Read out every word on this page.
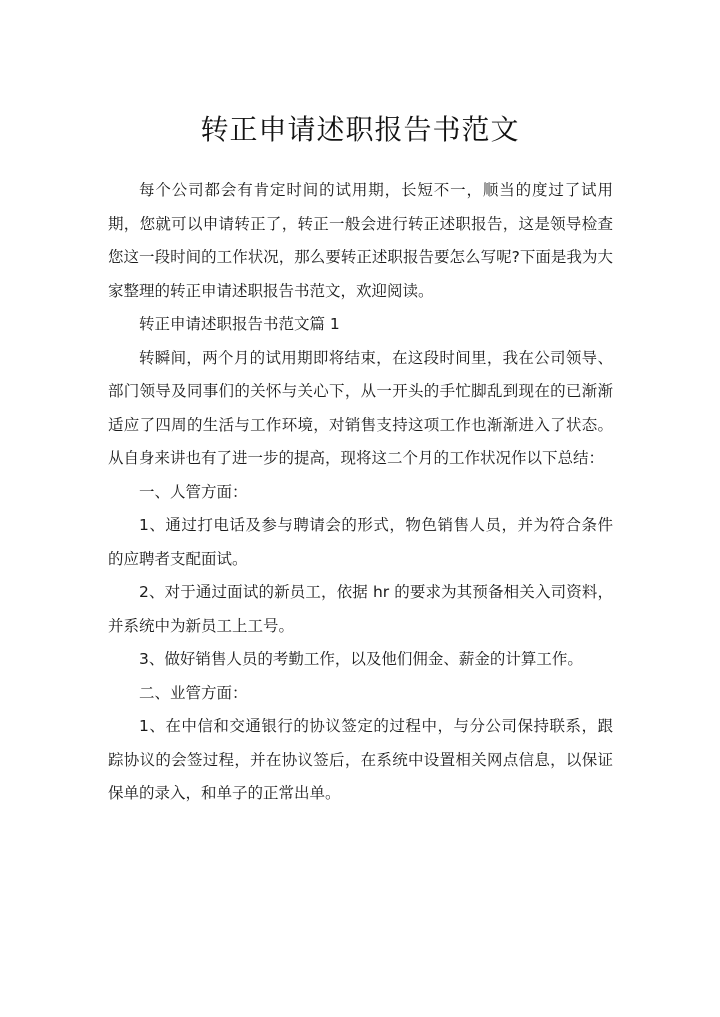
转正申请述职报告书范文

每个公司都会有肯定时间的试用期，长短不一，顺当的度过了试用期，您就可以申请转正了，转正一般会进行转正述职报告，这是领导检查您这一段时间的工作状况，那么要转正述职报告要怎么写呢?下面是我为大家整理的转正申请述职报告书范文，欢迎阅读。

转正申请述职报告书范文篇 1

转瞬间，两个月的试用期即将结束，在这段时间里，我在公司领导、部门领导及同事们的关怀与关心下，从一开头的手忙脚乱到现在的已渐渐适应了四周的生活与工作环境，对销售支持这项工作也渐渐进入了状态。从自身来讲也有了进一步的提高，现将这二个月的工作状况作以下总结：

一、人管方面：

1、通过打电话及参与聘请会的形式，物色销售人员，并为符合条件的应聘者支配面试。

2、对于通过面试的新员工，依据 hr 的要求为其预备相关入司资料，并系统中为新员工上工号。

3、做好销售人员的考勤工作，以及他们佣金、薪金的计算工作。

二、业管方面：

1、在中信和交通银行的协议签定的过程中，与分公司保持联系，跟踪协议的会签过程，并在协议签后，在系统中设置相关网点信息，以保证保单的录入，和单子的正常出单。
